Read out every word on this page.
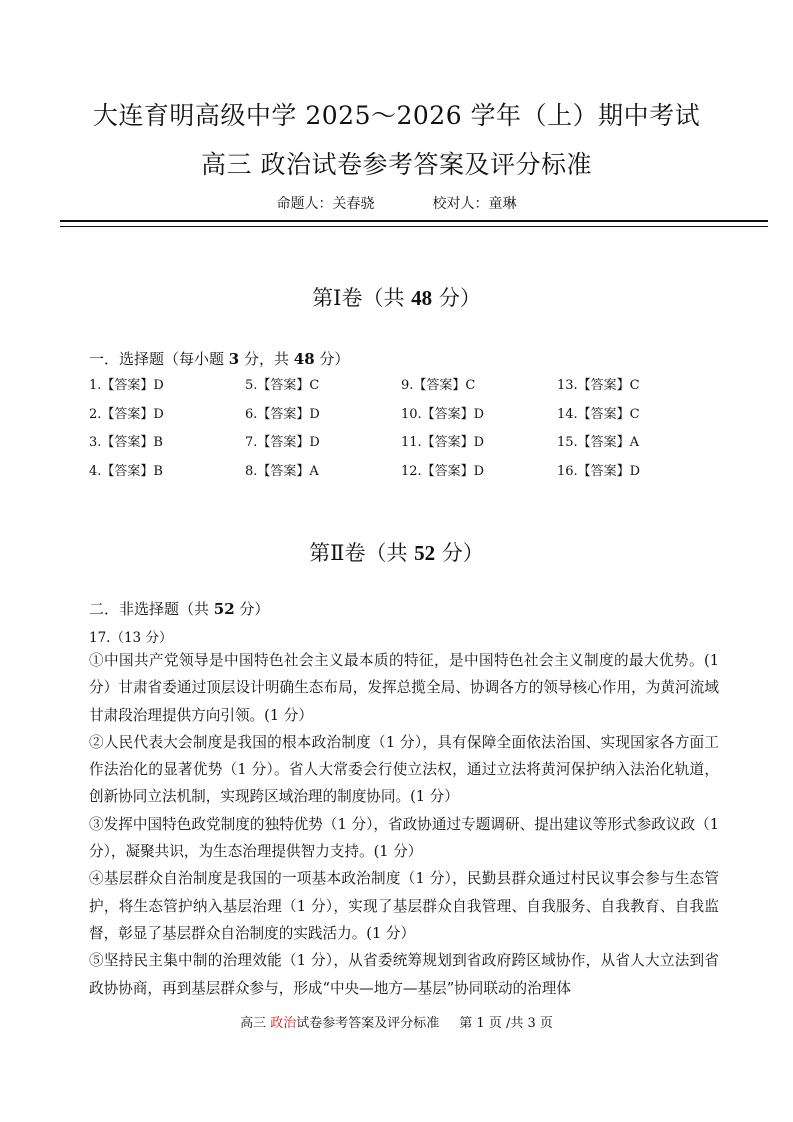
大连育明高级中学 2025～2026 学年（上）期中考试
高三 政治试卷参考答案及评分标准
命题人：关春骁	校对人：童琳
第Ⅰ卷（共 48 分）
一．选择题（每小题 3 分，共 48 分）
1.【答案】D	5.【答案】C	9.【答案】C	13.【答案】C
2.【答案】D	6.【答案】D	10.【答案】D	14.【答案】C
3.【答案】B	7.【答案】D	11.【答案】D	15.【答案】A
4.【答案】B	8.【答案】A	12.【答案】D	16.【答案】D
第Ⅱ卷（共 52 分）
二．非选择题（共 52 分）
17.（13 分）

①中国共产党领导是中国特色社会主义最本质的特征，是中国特色社会主义制度的最大优势。(1 分）甘肃省委通过顶层设计明确生态布局，发挥总揽全局、协调各方的领导核心作用，为黄河流域甘肃段治理提供方向引领。(1 分）

②人民代表大会制度是我国的根本政治制度（1 分），具有保障全面依法治国、实现国家各方面工作法治化的显著优势（1 分）。省人大常委会行使立法权，通过立法将黄河保护纳入法治化轨道，创新协同立法机制，实现跨区域治理的制度协同。(1 分）

③发挥中国特色政党制度的独特优势（1 分），省政协通过专题调研、提出建议等形式参政议政（1 分），凝聚共识，为生态治理提供智力支持。(1 分）

④基层群众自治制度是我国的一项基本政治制度（1 分），民勤县群众通过村民议事会参与生态管护，将生态管护纳入基层治理（1 分），实现了基层群众自我管理、自我服务、自我教育、自我监督，彰显了基层群众自治制度的实践活力。(1 分）

⑤坚持民主集中制的治理效能（1 分），从省委统筹规划到省政府跨区域协作，从省人大立法到省政协协商，再到基层群众参与，形成“中央—地方—基层”协同联动的治理体

高三 政治试卷参考答案及评分标准 第 1 页 /共 3 页
